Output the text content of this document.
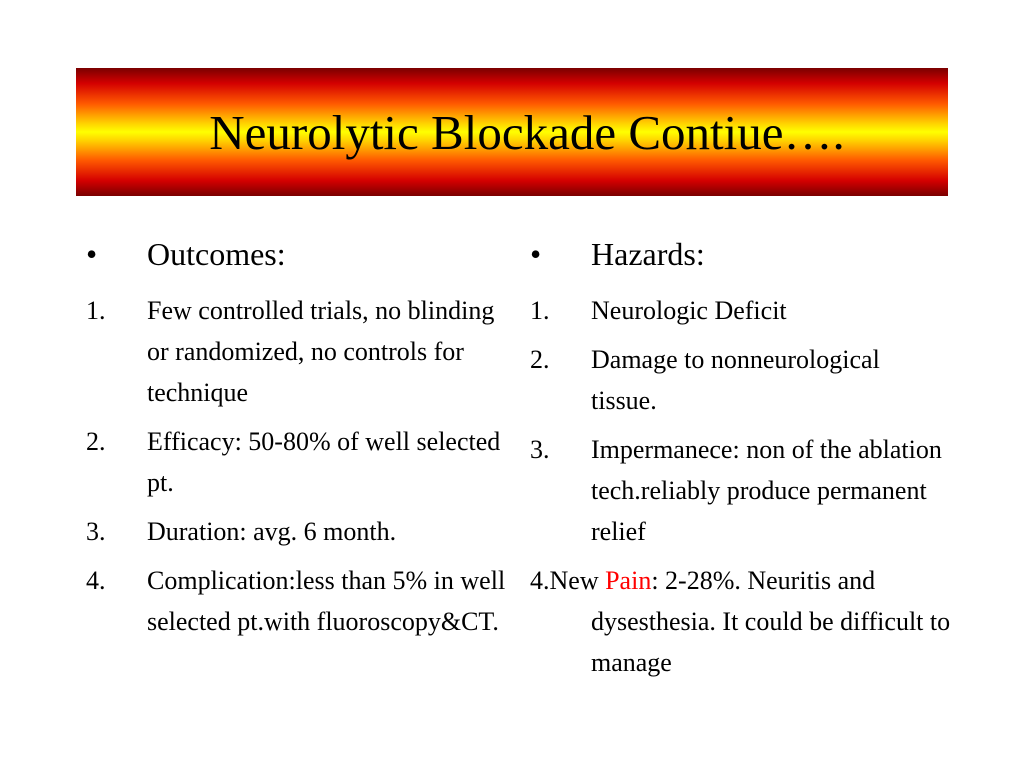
Neurolytic Blockade Contiue….
•	Outcomes:
1.	Few controlled trials, no blinding or randomized, no controls for technique
2.	Efficacy: 50-80% of well selected pt.
3.	Duration: avg. 6 month.
4.	Complication:less than 5% in well selected pt.with fluoroscopy&CT.
•	Hazards:
1.	Neurologic Deficit
2.	Damage to nonneurological tissue.
3.	Impermanece: non of the ablation tech.reliably produce permanent relief
4.New Pain: 2-28%. Neuritis and dysesthesia. It could be difficult to manage
